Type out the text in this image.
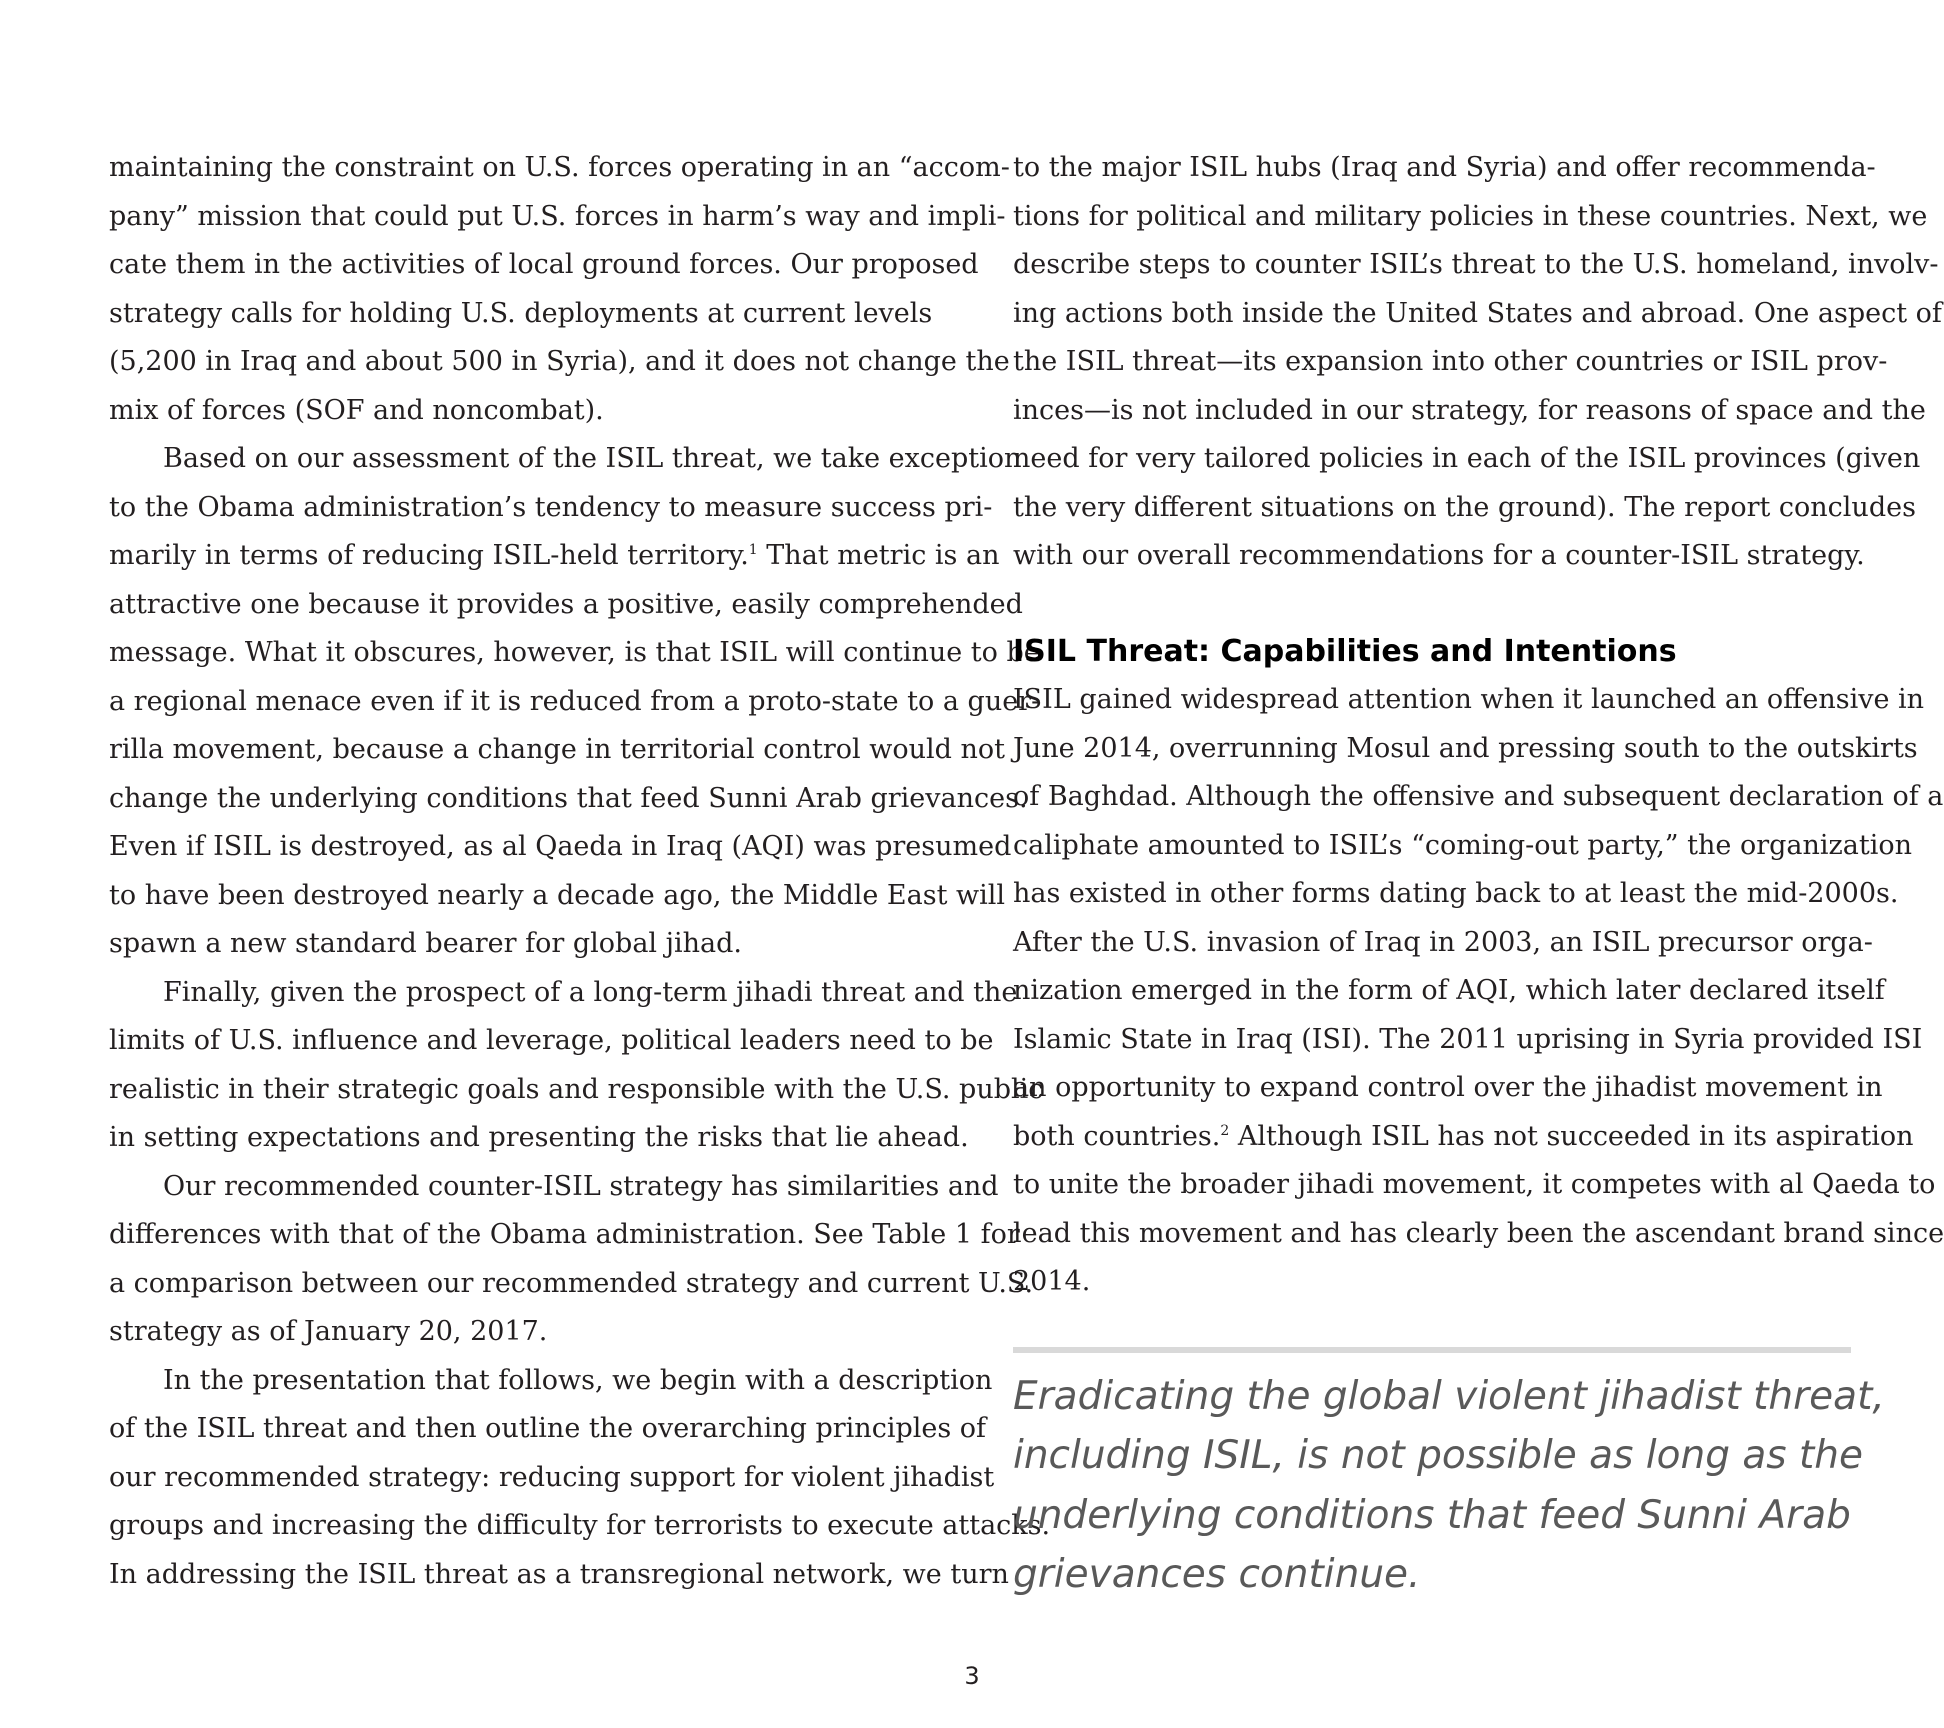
maintaining the constraint on U.S. forces operating in an “accom-
pany” mission that could put U.S. forces in harm’s way and impli-
cate them in the activities of local ground forces. Our proposed
strategy calls for holding U.S. deployments at current levels
(5,200 in Iraq and about 500 in Syria), and it does not change the
mix of forces (SOF and noncombat).

Based on our assessment of the ISIL threat, we take exception
to the Obama administration’s tendency to measure success pri-
marily in terms of reducing ISIL-held territory.$^1$ That metric is an
attractive one because it provides a positive, easily comprehended
message. What it obscures, however, is that ISIL will continue to be
a regional menace even if it is reduced from a proto-state to a guer-
rilla movement, because a change in territorial control would not
change the underlying conditions that feed Sunni Arab grievances.
Even if ISIL is destroyed, as al Qaeda in Iraq (AQI) was presumed
to have been destroyed nearly a decade ago, the Middle East will
spawn a new standard bearer for global jihad.

Finally, given the prospect of a long-term jihadi threat and the
limits of U.S. influence and leverage, political leaders need to be
realistic in their strategic goals and responsible with the U.S. public
in setting expectations and presenting the risks that lie ahead.

Our recommended counter-ISIL strategy has similarities and
differences with that of the Obama administration. See Table 1 for
a comparison between our recommended strategy and current U.S.
strategy as of January 20, 2017.

In the presentation that follows, we begin with a description
of the ISIL threat and then outline the overarching principles of
our recommended strategy: reducing support for violent jihadist
groups and increasing the difficulty for terrorists to execute attacks.
In addressing the ISIL threat as a transregional network, we turn

to the major ISIL hubs (Iraq and Syria) and offer recommenda-
tions for political and military policies in these countries. Next, we
describe steps to counter ISIL’s threat to the U.S. homeland, involv-
ing actions both inside the United States and abroad. One aspect of
the ISIL threat—its expansion into other countries or ISIL prov-
inces—is not included in our strategy, for reasons of space and the
need for very tailored policies in each of the ISIL provinces (given
the very different situations on the ground). The report concludes
with our overall recommendations for a counter-ISIL strategy.

ISIL Threat: Capabilities and Intentions

ISIL gained widespread attention when it launched an offensive in
June 2014, overrunning Mosul and pressing south to the outskirts
of Baghdad. Although the offensive and subsequent declaration of a
caliphate amounted to ISIL’s “coming-out party,” the organization
has existed in other forms dating back to at least the mid-2000s.
After the U.S. invasion of Iraq in 2003, an ISIL precursor orga-
nization emerged in the form of AQI, which later declared itself
Islamic State in Iraq (ISI). The 2011 uprising in Syria provided ISI
an opportunity to expand control over the jihadist movement in
both countries.$^2$ Although ISIL has not succeeded in its aspiration
to unite the broader jihadi movement, it competes with al Qaeda to
lead this movement and has clearly been the ascendant brand since
2014.

Eradicating the global violent jihadist threat,
including ISIL, is not possible as long as the
underlying conditions that feed Sunni Arab
grievances continue.
3
